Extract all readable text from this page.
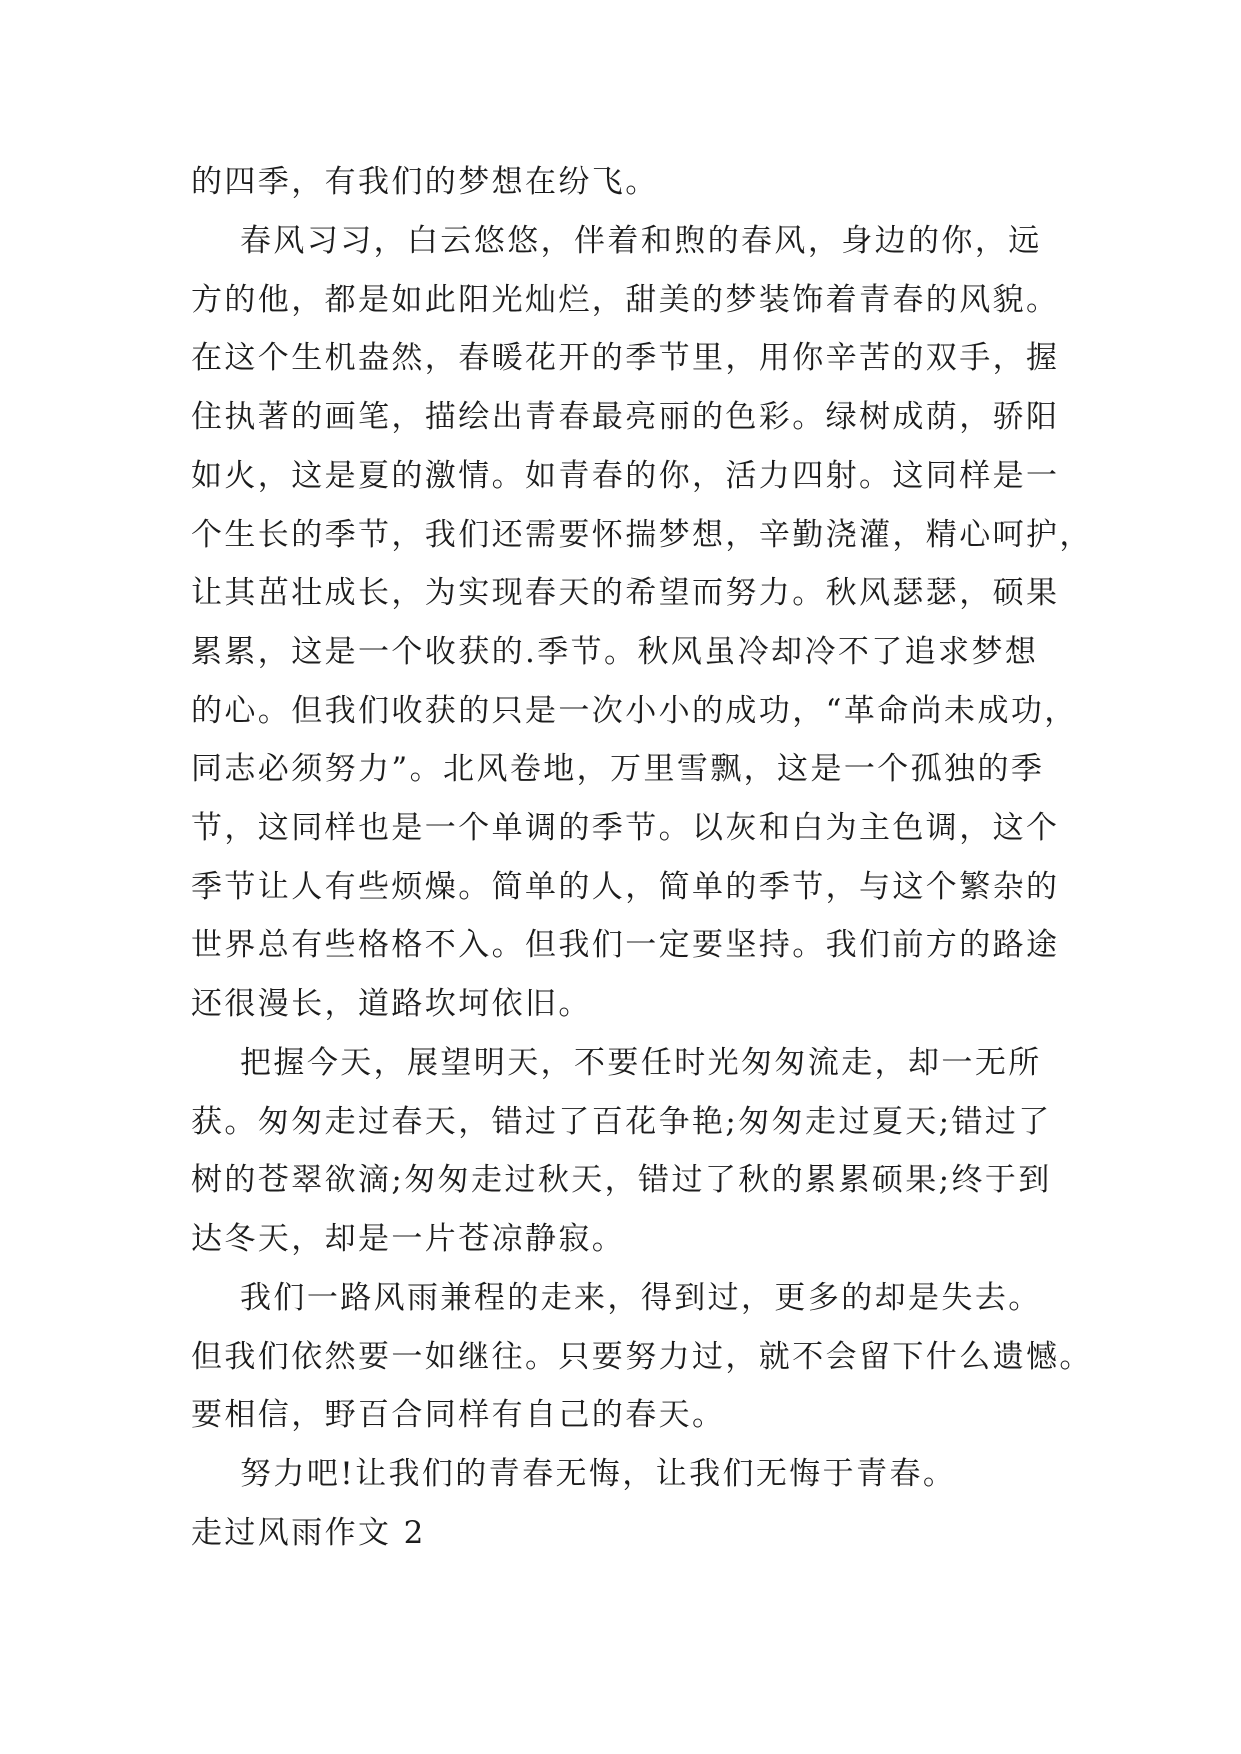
的四季，有我们的梦想在纷飞。
春风习习，白云悠悠，伴着和煦的春风，身边的你，远
方的他，都是如此阳光灿烂，甜美的梦装饰着青春的风貌。
在这个生机盎然，春暖花开的季节里，用你辛苦的双手，握
住执著的画笔，描绘出青春最亮丽的色彩。绿树成荫，骄阳
如火，这是夏的激情。如青春的你，活力四射。这同样是一
个生长的季节，我们还需要怀揣梦想，辛勤浇灌，精心呵护，
让其茁壮成长，为实现春天的希望而努力。秋风瑟瑟，硕果
累累，这是一个收获的.季节。秋风虽冷却冷不了追求梦想
的心。但我们收获的只是一次小小的成功，“革命尚未成功，
同志必须努力”。北风卷地，万里雪飘，这是一个孤独的季
节，这同样也是一个单调的季节。以灰和白为主色调，这个
季节让人有些烦燥。简单的人，简单的季节，与这个繁杂的
世界总有些格格不入。但我们一定要坚持。我们前方的路途
还很漫长，道路坎坷依旧。
把握今天，展望明天，不要任时光匆匆流走，却一无所
获。匆匆走过春天，错过了百花争艳;匆匆走过夏天;错过了
树的苍翠欲滴;匆匆走过秋天，错过了秋的累累硕果;终于到
达冬天，却是一片苍凉静寂。
我们一路风雨兼程的走来，得到过，更多的却是失去。
但我们依然要一如继往。只要努力过，就不会留下什么遗憾。
要相信，野百合同样有自己的春天。
努力吧!让我们的青春无悔，让我们无悔于青春。
走过风雨作文 2
